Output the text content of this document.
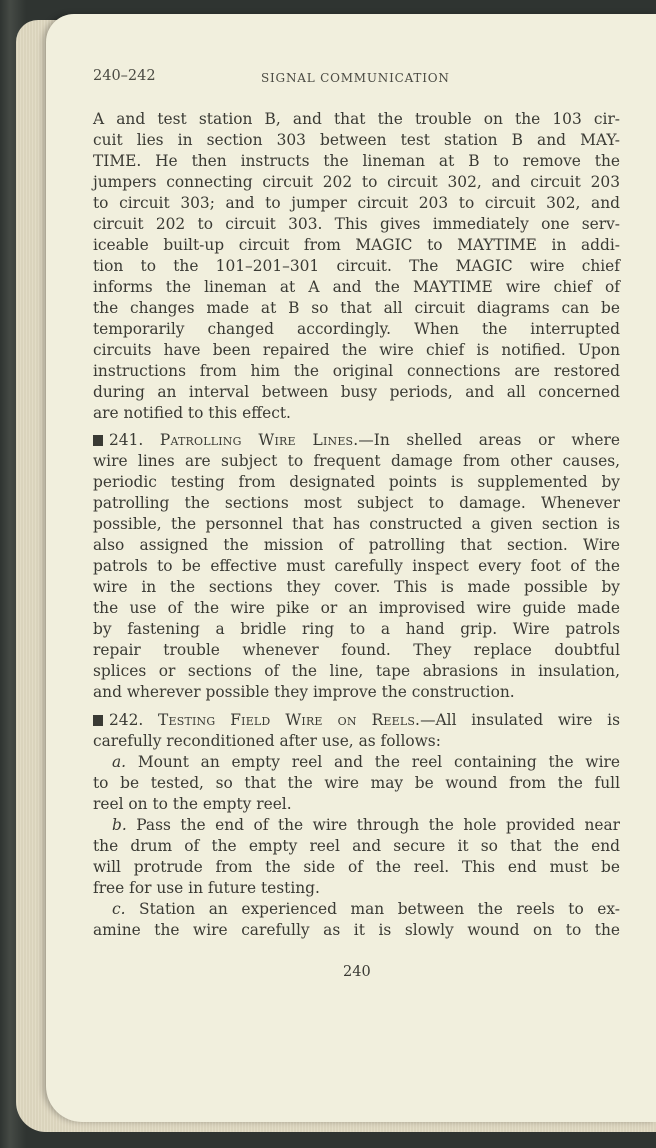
240–242	SIGNAL COMMUNICATION
A and test station B, and that the trouble on the 103 cir-
cuit lies in section 303 between test station B and MAY-
TIME. He then instructs the lineman at B to remove the
jumpers connecting circuit 202 to circuit 302, and circuit 203
to circuit 303; and to jumper circuit 203 to circuit 302, and
circuit 202 to circuit 303. This gives immediately one serv-
iceable built-up circuit from MAGIC to MAYTIME in addi-
tion to the 101–201–301 circuit. The MAGIC wire chief
informs the lineman at A and the MAYTIME wire chief of
the changes made at B so that all circuit diagrams can be
temporarily changed accordingly. When the interrupted
circuits have been repaired the wire chief is notified. Upon
instructions from him the original connections are restored
during an interval between busy periods, and all concerned
are notified to this effect.
241. Patrolling Wire Lines.—In shelled areas or where
wire lines are subject to frequent damage from other causes,
periodic testing from designated points is supplemented by
patrolling the sections most subject to damage. Whenever
possible, the personnel that has constructed a given section is
also assigned the mission of patrolling that section. Wire
patrols to be effective must carefully inspect every foot of the
wire in the sections they cover. This is made possible by
the use of the wire pike or an improvised wire guide made
by fastening a bridle ring to a hand grip. Wire patrols
repair trouble whenever found. They replace doubtful
splices or sections of the line, tape abrasions in insulation,
and wherever possible they improve the construction.
242. Testing Field Wire on Reels.—All insulated wire is
carefully reconditioned after use, as follows:
a. Mount an empty reel and the reel containing the wire
to be tested, so that the wire may be wound from the full
reel on to the empty reel.
b. Pass the end of the wire through the hole provided near
the drum of the empty reel and secure it so that the end
will protrude from the side of the reel. This end must be
free for use in future testing.
c. Station an experienced man between the reels to ex-
amine the wire carefully as it is slowly wound on to the
240
